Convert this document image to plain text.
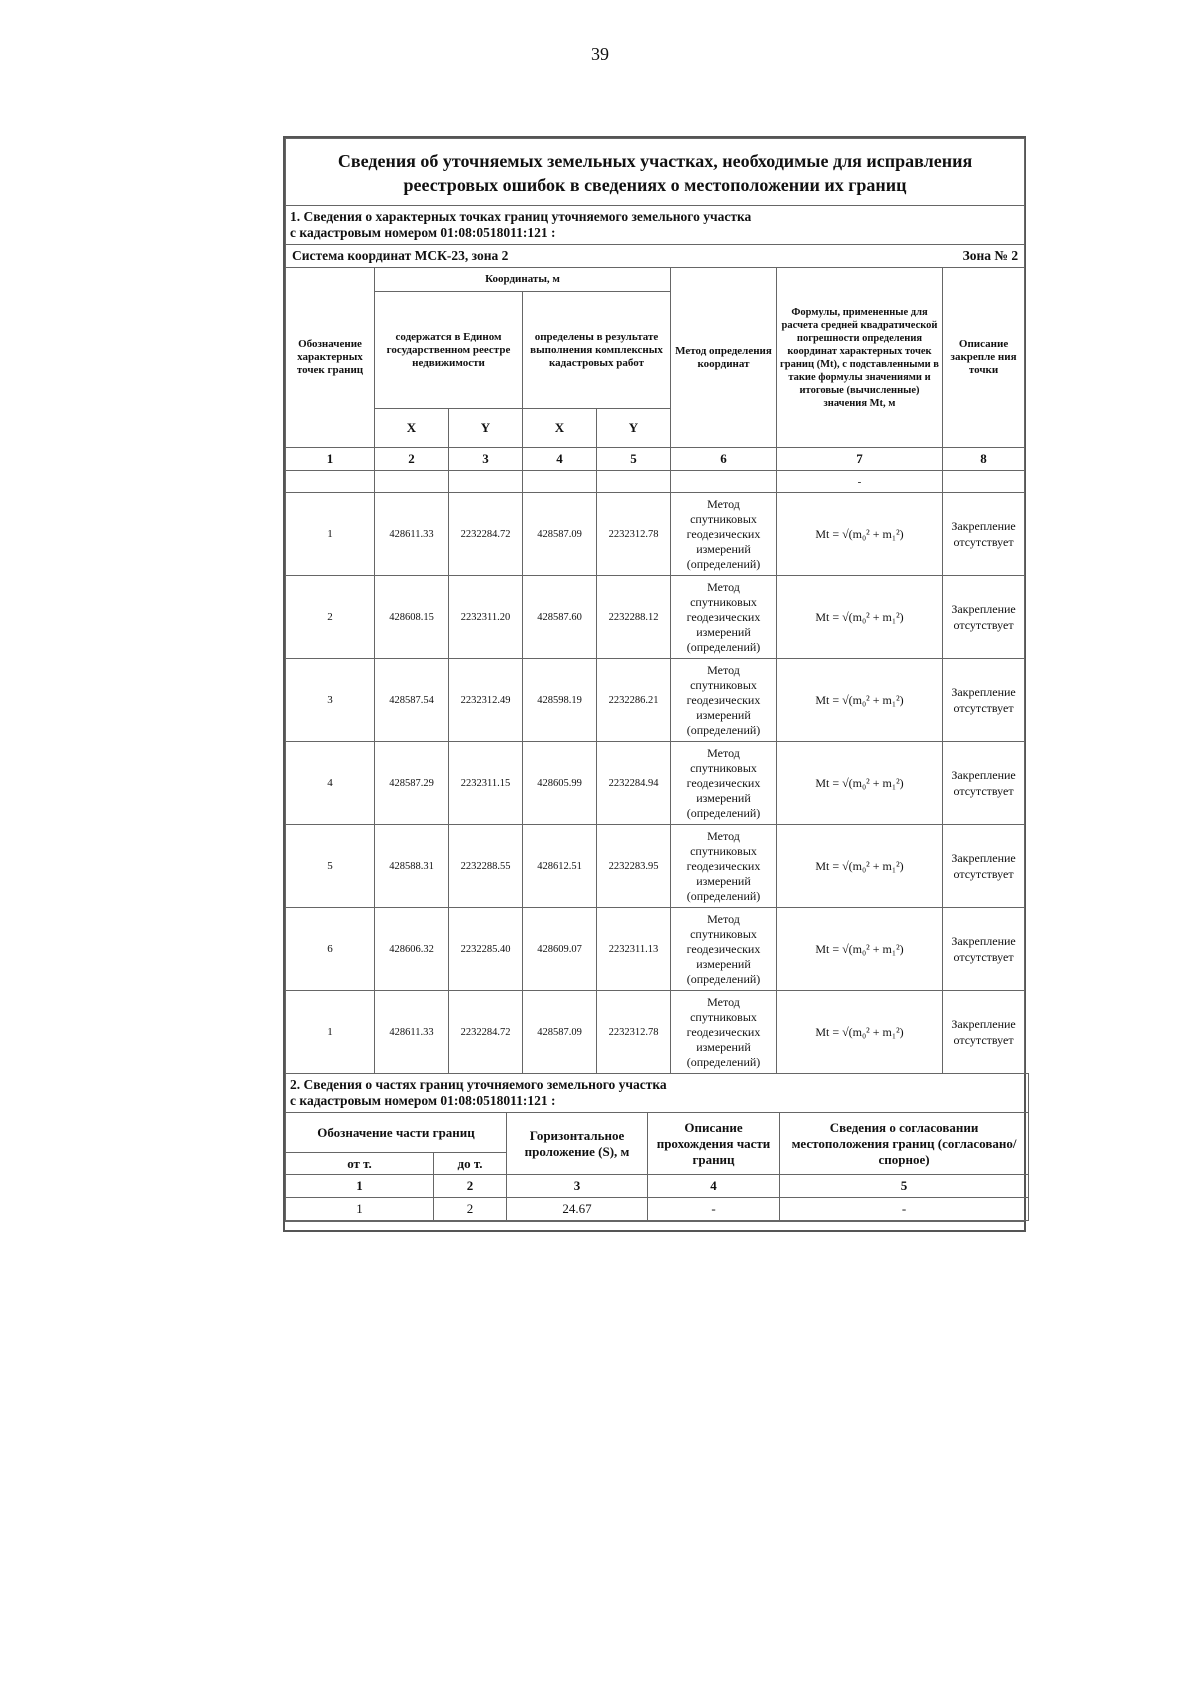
39
Сведения об уточняемых земельных участках, необходимые для исправления
реестровых ошибок в сведениях о местоположении их границ							
1. Сведения о характерных точках границ уточняемого земельного участка
с кадастровым номером 01:08:0518011:121 :							

Система координат МСК-23, зона 2 Зона № 2							

Обозначение характерных точек границ	Координаты, м				Метод определения координат	Формулы, примененные для расчета средней квадратической погрешности определения координат характерных точек границ (Mt), с подставленными в такие формулы значениями и итоговые (вычисленные) значения Mt, м	Описание закрепле ния точки
	содержатся в Едином государственном реестре недвижимости		определены в результате выполнения комплексных кадастровых работ				
	X	Y	X	Y			
1	2	3	4	5	6	7	8
						-	
1	428611.33	2232284.72	428587.09	2232312.78	Метод спутниковых геодезических измерений (определений)	Mt = √(m₀² + m₁²)	Закрепление отсутствует
2	428608.15	2232311.20	428587.60	2232288.12	Метод спутниковых геодезических измерений (определений)	Mt = √(m₀² + m₁²)	Закрепление отсутствует
3	428587.54	2232312.49	428598.19	2232286.21	Метод спутниковых геодезических измерений (определений)	Mt = √(m₀² + m₁²)	Закрепление отсутствует
4	428587.29	2232311.15	428605.99	2232284.94	Метод спутниковых геодезических измерений (определений)	Mt = √(m₀² + m₁²)	Закрепление отсутствует
5	428588.31	2232288.55	428612.51	2232283.95	Метод спутниковых геодезических измерений (определений)	Mt = √(m₀² + m₁²)	Закрепление отсутствует
6	428606.32	2232285.40	428609.07	2232311.13	Метод спутниковых геодезических измерений (определений)	Mt = √(m₀² + m₁²)	Закрепление отсутствует
1	428611.33	2232284.72	428587.09	2232312.78	Метод спутниковых геодезических измерений (определений)	Mt = √(m₀² + m₁²)	Закрепление отсутствует
2. Сведения о частях границ уточняемого земельного участка
с кадастровым номером 01:08:0518011:121 :				
Обозначение части границ		Горизонтальное проложение (S), м	Описание прохождения части границ	Сведения о согласовании местоположения границ (согласовано/спорное)
от т.	до т.			
1	2	3	4	5
1	2	24.67	-	-
